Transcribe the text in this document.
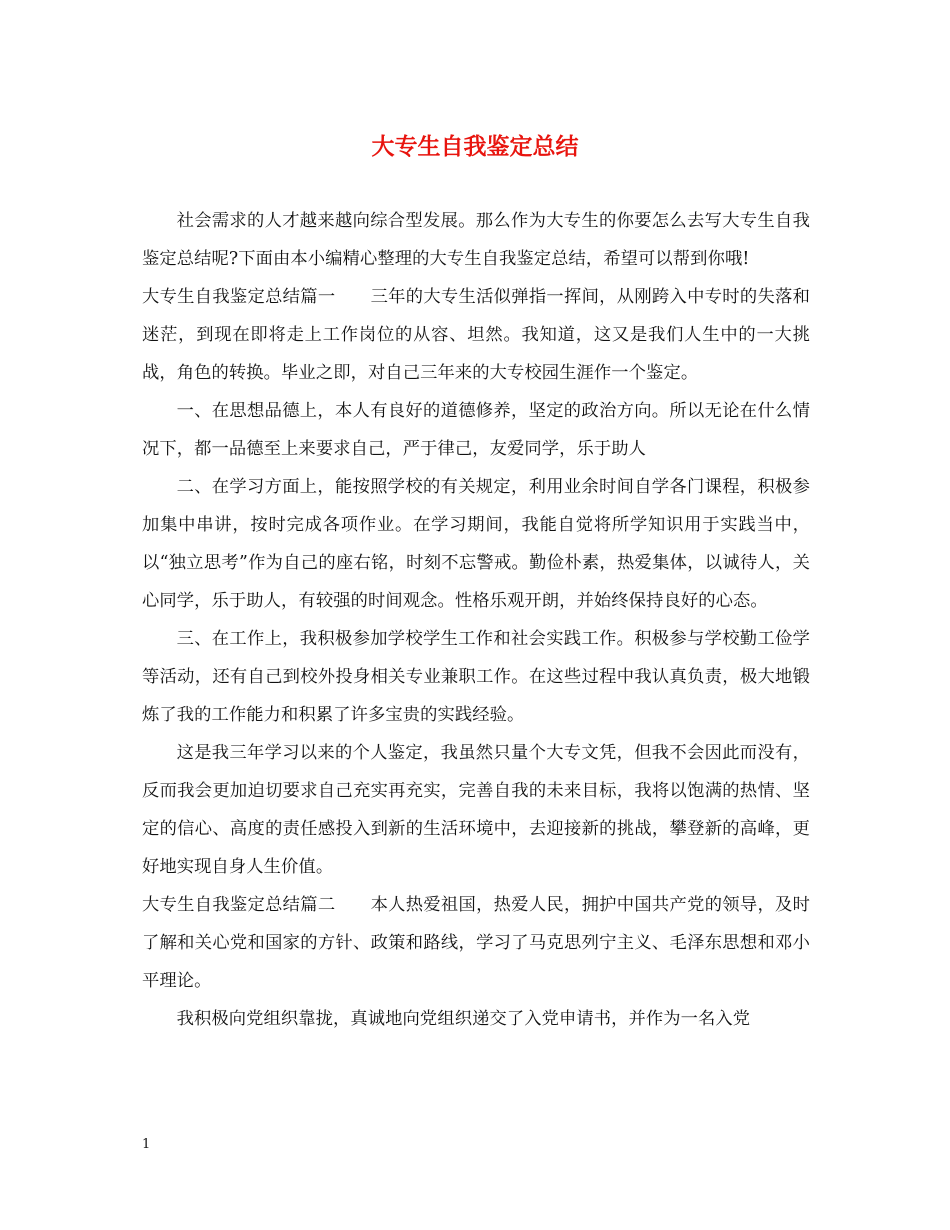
大专生自我鉴定总结

社会需求的人才越来越向综合型发展。那么作为大专生的你要怎么去写大专生自我鉴定总结呢?下面由本小编精心整理的大专生自我鉴定总结，希望可以帮到你哦!

大专生自我鉴定总结篇一　　三年的大专生活似弹指一挥间，从刚跨入中专时的失落和迷茫，到现在即将走上工作岗位的从容、坦然。我知道，这又是我们人生中的一大挑战，角色的转换。毕业之即，对自己三年来的大专校园生涯作一个鉴定。

一、在思想品德上，本人有良好的道德修养，坚定的政治方向。所以无论在什么情况下，都一品德至上来要求自己，严于律己，友爱同学，乐于助人

二、在学习方面上，能按照学校的有关规定，利用业余时间自学各门课程，积极参加集中串讲，按时完成各项作业。在学习期间，我能自觉将所学知识用于实践当中，以“独立思考”作为自己的座右铭，时刻不忘警戒。勤俭朴素，热爱集体，以诚待人，关心同学，乐于助人，有较强的时间观念。性格乐观开朗，并始终保持良好的心态。

三、在工作上，我积极参加学校学生工作和社会实践工作。积极参与学校勤工俭学等活动，还有自己到校外投身相关专业兼职工作。在这些过程中我认真负责，极大地锻炼了我的工作能力和积累了许多宝贵的实践经验。

这是我三年学习以来的个人鉴定，我虽然只量个大专文凭，但我不会因此而没有，反而我会更加迫切要求自己充实再充实，完善自我的未来目标，我将以饱满的热情、坚定的信心、高度的责任感投入到新的生活环境中，去迎接新的挑战，攀登新的高峰，更好地实现自身人生价值。

大专生自我鉴定总结篇二　　本人热爱祖国，热爱人民，拥护中国共产党的领导，及时了解和关心党和国家的方针、政策和路线，学习了马克思列宁主义、毛泽东思想和邓小平理论。

我积极向党组织靠拢，真诚地向党组织递交了入党申请书，并作为一名入党

1
